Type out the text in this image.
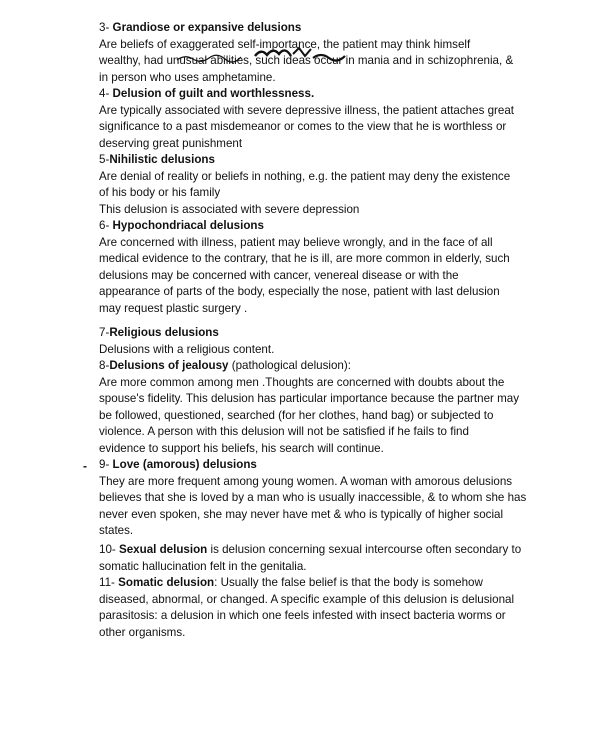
3- Grandiose or expansive delusions
Are beliefs of exaggerated self-importance, the patient may think himself
wealthy, had unusual abilities, such ideas occur in mania and in schizophrenia, &
in person who uses amphetamine.
4- Delusion of guilt and worthlessness.
Are typically associated with severe depressive illness, the patient attaches great
significance to a past misdemeanor or comes to the view that he is worthless or
deserving great punishment
5-Nihilistic delusions
Are denial of reality or beliefs in nothing, e.g. the patient may deny the existence
of his body or his family
This delusion is associated with severe depression
6- Hypochondriacal delusions
Are concerned with illness, patient may believe wrongly, and in the face of all
medical evidence to the contrary, that he is ill, are more common in elderly, such
delusions may be concerned with cancer, venereal disease or with the
appearance of parts of the body, especially the nose, patient with last delusion
may request plastic surgery .
7-Religious delusions
Delusions with a religious content.
8-Delusions of jealousy (pathological delusion):
Are more common among men .Thoughts are concerned with doubts about the
spouse's fidelity. This delusion has particular importance because the partner may
be followed, questioned, searched (for her clothes, hand bag) or subjected to
violence. A person with this delusion will not be satisfied if he fails to find
evidence to support his beliefs, his search will continue.
- 9- Love (amorous) delusions
They are more frequent among young women. A woman with amorous delusions
believes that she is loved by a man who is usually inaccessible, & to whom she has
never even spoken, she may never have met & who is typically of higher social
states.
10- Sexual delusion is delusion concerning sexual intercourse often secondary to
somatic hallucination felt in the genitalia.
11- Somatic delusion: Usually the false belief is that the body is somehow
diseased, abnormal, or changed. A specific example of this delusion is delusional
parasitosis: a delusion in which one feels infested with insect bacteria worms or
other organisms.
